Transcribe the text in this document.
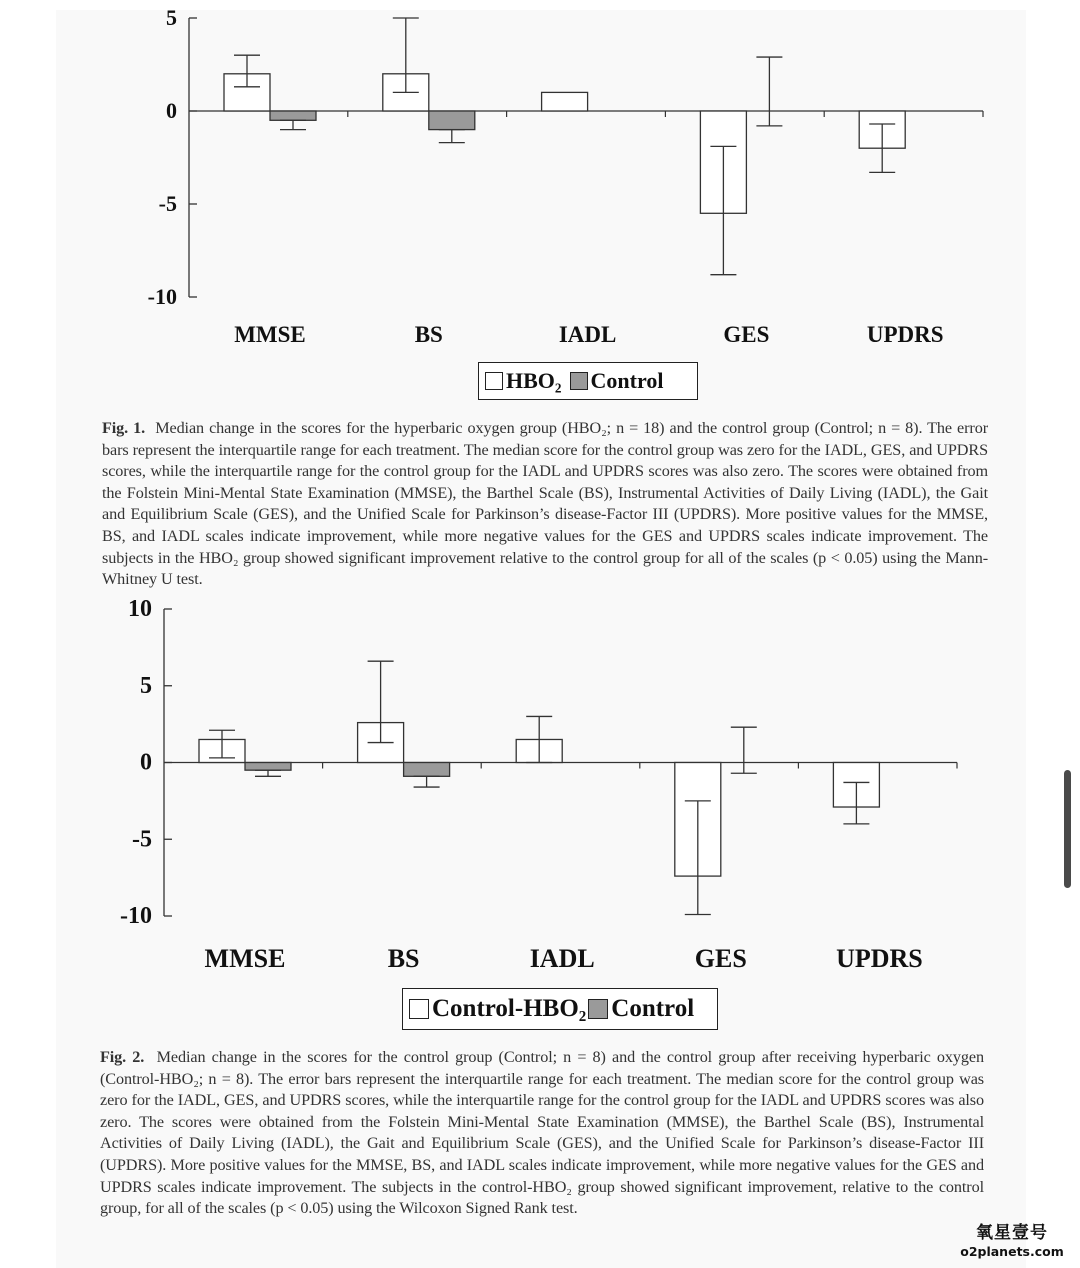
5
0
-5
-10
MMSE	BS	IADL	GES	UPDRS
HBO₂ Control
Fig. 1. Median change in the scores for the hyperbaric oxygen group (HBO₂; n = 18) and the control group (Control; n = 8). The error bars represent the interquartile range for each treatment. The median score for the control group was zero for the IADL, GES, and UPDRS scores, while the interquartile range for the control group for the IADL and UPDRS scores was also zero. The scores were obtained from the Folstein Mini-Mental State Examination (MMSE), the Barthel Scale (BS), Instrumental Activities of Daily Living (IADL), the Gait and Equilibrium Scale (GES), and the Unified Scale for Parkinson’s disease-Factor III (UPDRS). More positive values for the MMSE, BS, and IADL scales indicate improvement, while more negative values for the GES and UPDRS scales indicate improvement. The subjects in the HBO₂ group showed significant improvement relative to the control group for all of the scales (p < 0.05) using the Mann-Whitney U test.
10
5
0
-5
-10
MMSE	BS	IADL	GES	UPDRS
Control-HBO₂ Control
Fig. 2. Median change in the scores for the control group (Control; n = 8) and the control group after receiving hyperbaric oxygen (Control-HBO₂; n = 8). The error bars represent the interquartile range for each treatment. The median score for the control group was zero for the IADL, GES, and UPDRS scores, while the interquartile range for the control group for the IADL and UPDRS scores was also zero. The scores were obtained from the Folstein Mini-Mental State Examination (MMSE), the Barthel Scale (BS), Instrumental Activities of Daily Living (IADL), the Gait and Equilibrium Scale (GES), and the Unified Scale for Parkinson’s disease-Factor III (UPDRS). More positive values for the MMSE, BS, and IADL scales indicate improvement, while more negative values for the GES and UPDRS scales indicate improvement. The subjects in the control-HBO₂ group showed significant improvement, relative to the control group, for all of the scales (p < 0.05) using the Wilcoxon Signed Rank test.
氧星壹号
o2planets.com
